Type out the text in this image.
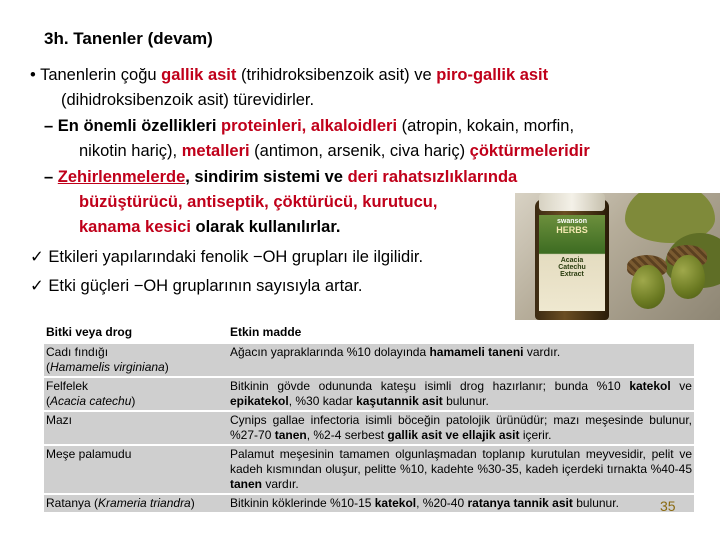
3h. Tanenler (devam)
• Tanenlerin çoğu gallik asit (trihidroksibenzoik asit) ve piro-gallik asit
(dihidroksibenzoik asit) türevidirler.
– En önemli özellikleri proteinleri, alkaloidleri (atropin, kokain, morfin,
nikotin hariç), metalleri (antimon, arsenik, civa hariç) çöktürmeleridir
– Zehirlenmelerde, sindirim sistemi ve deri rahatsızlıklarında
büzüştürücü, antiseptik, çöktürücü, kurutucu,
kanama kesici olarak kullanılırlar.
✓ Etkileri yapılarındaki fenolik −OH grupları ile ilgilidir.
✓ Etki güçleri −OH gruplarının sayısıyla artar.
swanson
HERBS
Acacia
Catechu
Extract
Bitki veya drog	Etkin madde
Cadı fındığı
(Hamamelis virginiana)	Ağacın yapraklarında %10 dolayında hamameli taneni vardır.
Felfelek
(Acacia catechu)	Bitkinin gövde odununda kateşu isimli drog hazırlanır; bunda %10 katekol ve epikatekol, %30 kadar kaşutannik asit bulunur.
Mazı	Cynips gallae infectoria isimli böceğin patolojik ürünüdür; mazı meşesinde bulunur, %27-70 tanen, %2-4 serbest gallik asit ve ellajik asit içerir.
Meşe palamudu	Palamut meşesinin tamamen olgunlaşmadan toplanıp kurutulan meyvesidir, pelit ve kadeh kısmından oluşur, pelitte %10, kadehte %30-35, kadeh içerdeki tırnakta %40-45 tanen vardır.
Ratanya (Krameria triandra)	Bitkinin köklerinde %10-15 katekol, %20-40 ratanya tannik asit bulunur.	35
